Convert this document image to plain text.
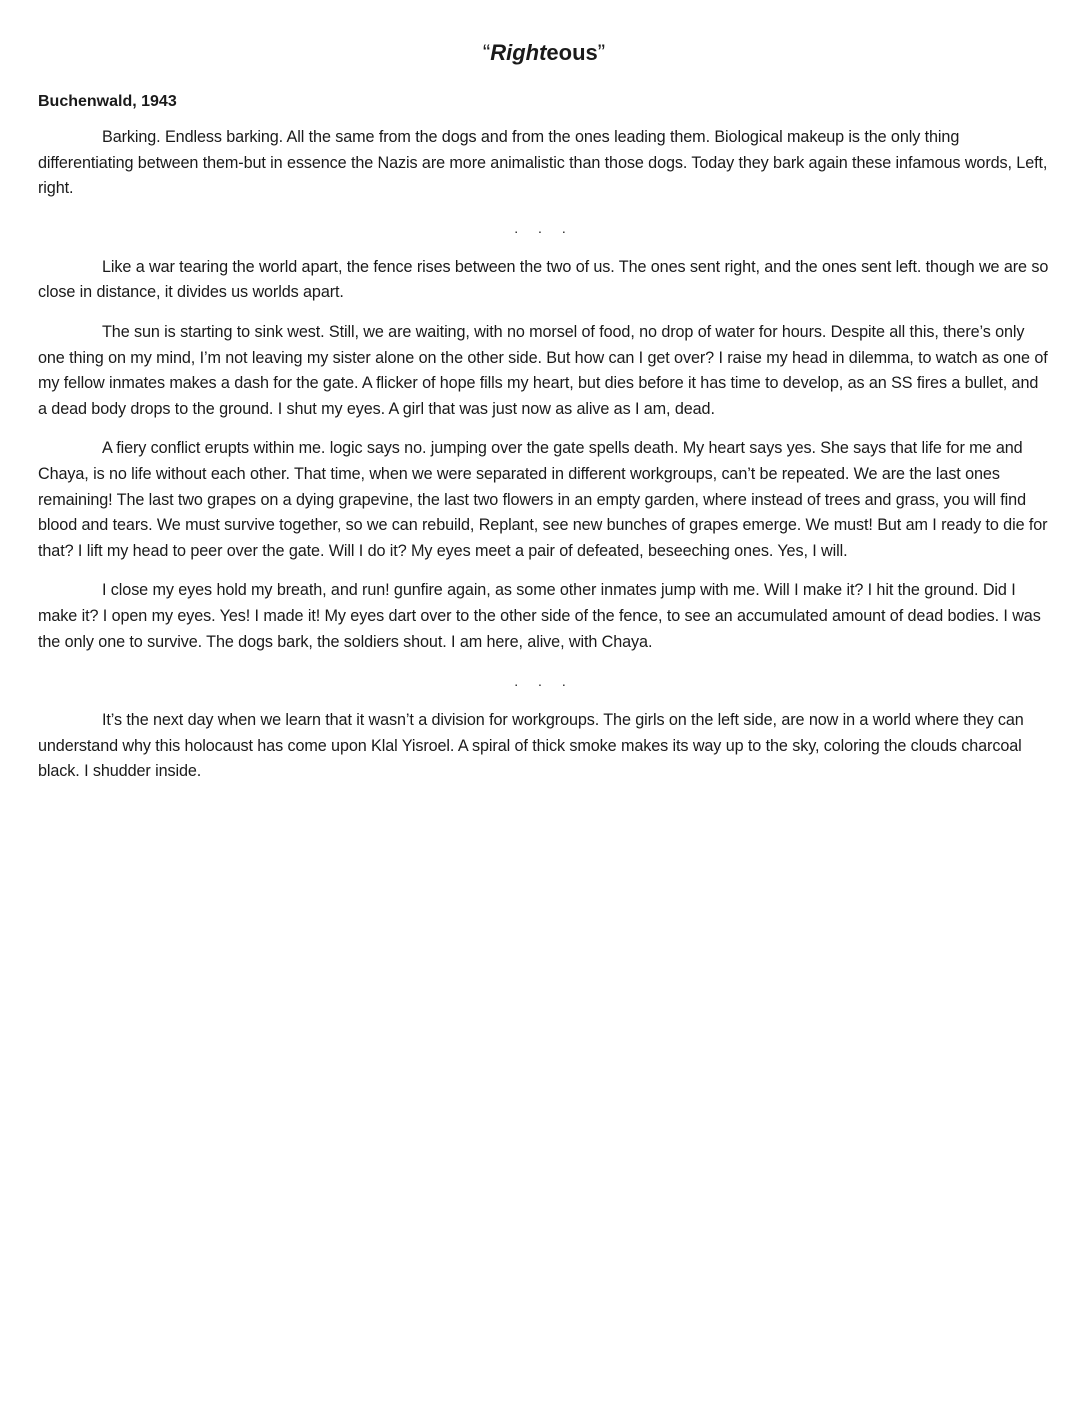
“Righteous”
Buchenwald, 1943

Barking. Endless barking. All the same from the dogs and from the ones leading them. Biological makeup is the only thing differentiating between them-but in essence the Nazis are more animalistic than those dogs. Today they bark again these infamous words, Left, right.

. . .

Like a war tearing the world apart, the fence rises between the two of us. The ones sent right, and the ones sent left. though we are so close in distance, it divides us worlds apart.

The sun is starting to sink west. Still, we are waiting, with no morsel of food, no drop of water for hours. Despite all this, there’s only one thing on my mind, I’m not leaving my sister alone on the other side. But how can I get over? I raise my head in dilemma, to watch as one of my fellow inmates makes a dash for the gate. A flicker of hope fills my heart, but dies before it has time to develop, as an SS fires a bullet, and a dead body drops to the ground. I shut my eyes. A girl that was just now as alive as I am, dead.

A fiery conflict erupts within me. logic says no. jumping over the gate spells death. My heart says yes. She says that life for me and Chaya, is no life without each other. That time, when we were separated in different workgroups, can’t be repeated. We are the last ones remaining! The last two grapes on a dying grapevine, the last two flowers in an empty garden, where instead of trees and grass, you will find blood and tears. We must survive together, so we can rebuild, Replant, see new bunches of grapes emerge. We must! But am I ready to die for that? I lift my head to peer over the gate. Will I do it? My eyes meet a pair of defeated, beseeching ones. Yes, I will.

I close my eyes hold my breath, and run! gunfire again, as some other inmates jump with me. Will I make it? I hit the ground. Did I make it? I open my eyes. Yes! I made it! My eyes dart over to the other side of the fence, to see an accumulated amount of dead bodies. I was the only one to survive. The dogs bark, the soldiers shout. I am here, alive, with Chaya.

. . .

It’s the next day when we learn that it wasn’t a division for workgroups. The girls on the left side, are now in a world where they can understand why this holocaust has come upon Klal Yisroel. A spiral of thick smoke makes its way up to the sky, coloring the clouds charcoal black. I shudder inside.
